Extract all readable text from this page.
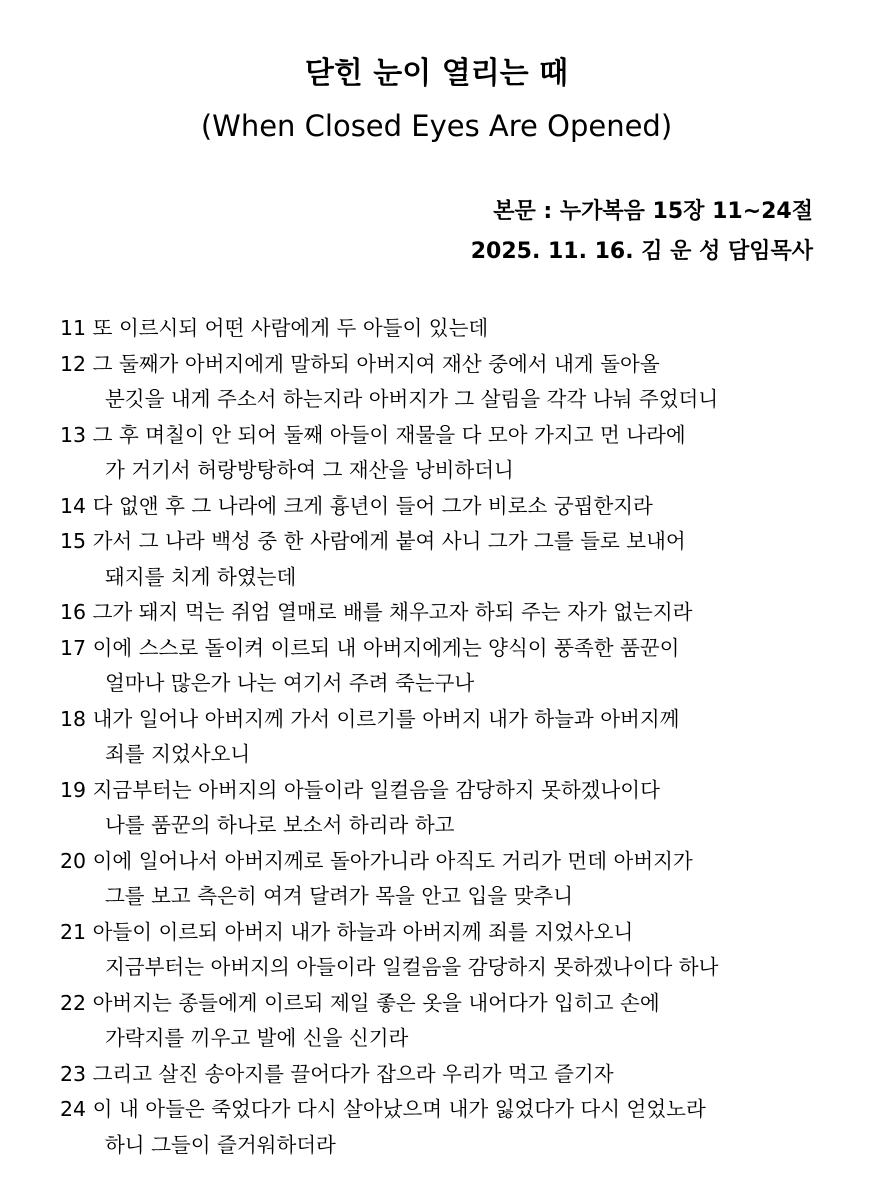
닫힌 눈이 열리는 때
(When Closed Eyes Are Opened)
본문 : 누가복음 15장 11~24절
2025. 11. 16. 김 운 성 담임목사
11 또 이르시되 어떤 사람에게 두 아들이 있는데
12 그 둘째가 아버지에게 말하되 아버지여 재산 중에서 내게 돌아올
분깃을 내게 주소서 하는지라 아버지가 그 살림을 각각 나눠 주었더니
13 그 후 며칠이 안 되어 둘째 아들이 재물을 다 모아 가지고 먼 나라에
가 거기서 허랑방탕하여 그 재산을 낭비하더니
14 다 없앤 후 그 나라에 크게 흉년이 들어 그가 비로소 궁핍한지라
15 가서 그 나라 백성 중 한 사람에게 붙여 사니 그가 그를 들로 보내어
돼지를 치게 하였는데
16 그가 돼지 먹는 쥐엄 열매로 배를 채우고자 하되 주는 자가 없는지라
17 이에 스스로 돌이켜 이르되 내 아버지에게는 양식이 풍족한 품꾼이
얼마나 많은가 나는 여기서 주려 죽는구나
18 내가 일어나 아버지께 가서 이르기를 아버지 내가 하늘과 아버지께
죄를 지었사오니
19 지금부터는 아버지의 아들이라 일컬음을 감당하지 못하겠나이다
나를 품꾼의 하나로 보소서 하리라 하고
20 이에 일어나서 아버지께로 돌아가니라 아직도 거리가 먼데 아버지가
그를 보고 측은히 여겨 달려가 목을 안고 입을 맞추니
21 아들이 이르되 아버지 내가 하늘과 아버지께 죄를 지었사오니
지금부터는 아버지의 아들이라 일컬음을 감당하지 못하겠나이다 하나
22 아버지는 종들에게 이르되 제일 좋은 옷을 내어다가 입히고 손에
가락지를 끼우고 발에 신을 신기라
23 그리고 살진 송아지를 끌어다가 잡으라 우리가 먹고 즐기자
24 이 내 아들은 죽었다가 다시 살아났으며 내가 잃었다가 다시 얻었노라
하니 그들이 즐거워하더라
